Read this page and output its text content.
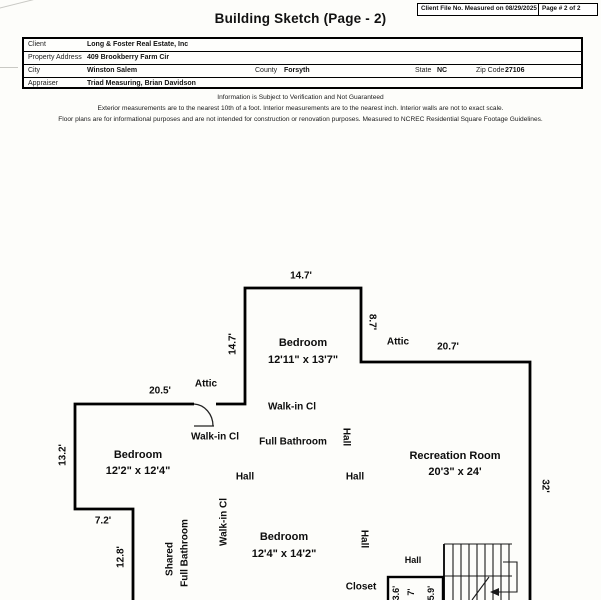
Client File No. Measured on 08/29/2025 Page # 2 of 2
Building Sketch (Page - 2)
Client	Long & Foster Real Estate, Inc
Property Address 409 Brookberry Farm Cir
City	Winston Salem	County Forsyth	State NC	Zip Code 27106
Appraiser	Triad Measuring, Brian Davidson
Information is Subject to Verification and Not Guaranteed
Exterior measurements are to the nearest 10th of a foot. Interior measurements are to the nearest inch. Interior walls are not to exact scale.
Floor plans are for informational purposes and are not intended for construction or renovation purposes. Measured to NCREC Residential Square Footage Guidelines.
14.7'
Bedroom
12'11" x 13'7"
14.7'
8.7'
Attic	20.7'
20.5'
Attic
Walk-in Cl
Walk-in Cl Full Bathroom Hall
13.2'	Bedroom
12'2" x 12'4"	Hall	Hall
Recreation Room
20'3" x 24'
32'
7.2'
12.8'	Shared Full Bathroom	Walk-in Cl	Bedroom
12'4" x 14'2"
Hall
Hall
Closet 3.6' 7' 5.9'
